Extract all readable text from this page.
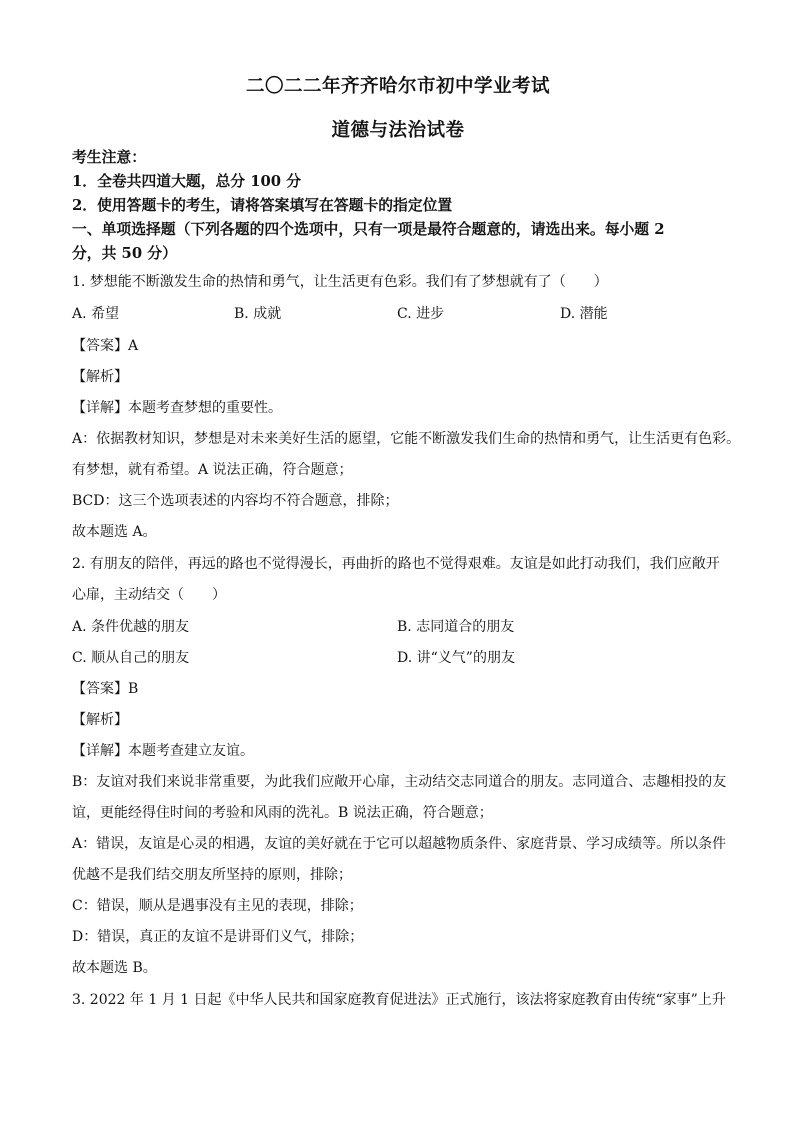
二〇二二年齐齐哈尔市初中学业考试
道德与法治试卷
考生注意：
1．全卷共四道大题，总分 100 分
2．使用答题卡的考生，请将答案填写在答题卡的指定位置
一、单项选择题（下列各题的四个选项中，只有一项是最符合题意的，请选出来。每小题 2
分，共 50 分）
1. 梦想能不断激发生命的热情和勇气，让生活更有色彩。我们有了梦想就有了（　　）
A. 希望	B. 成就	C. 进步	D. 潜能
【答案】A
【解析】
【详解】本题考查梦想的重要性。
A：依据教材知识，梦想是对未来美好生活的愿望，它能不断激发我们生命的热情和勇气，让生活更有色彩。
有梦想，就有希望。A 说法正确，符合题意；
BCD：这三个选项表述的内容均不符合题意，排除；
故本题选 A。
2. 有朋友的陪伴，再远的路也不觉得漫长，再曲折的路也不觉得艰难。友谊是如此打动我们，我们应敞开
心扉，主动结交（　　）
A. 条件优越的朋友	B. 志同道合的朋友
C. 顺从自己的朋友	D. 讲“义气”的朋友
【答案】B
【解析】
【详解】本题考查建立友谊。
B：友谊对我们来说非常重要，为此我们应敞开心扉，主动结交志同道合的朋友。志同道合、志趣相投的友
谊，更能经得住时间的考验和风雨的洗礼。B 说法正确，符合题意；
A：错误，友谊是心灵的相遇，友谊的美好就在于它可以超越物质条件、家庭背景、学习成绩等。所以条件
优越不是我们结交朋友所坚持的原则，排除；
C：错误，顺从是遇事没有主见的表现，排除；
D：错误，真正的友谊不是讲哥们义气，排除；
故本题选 B。
3. 2022 年 1 月 1 日起《中华人民共和国家庭教育促进法》正式施行，该法将家庭教育由传统“家事”上升
